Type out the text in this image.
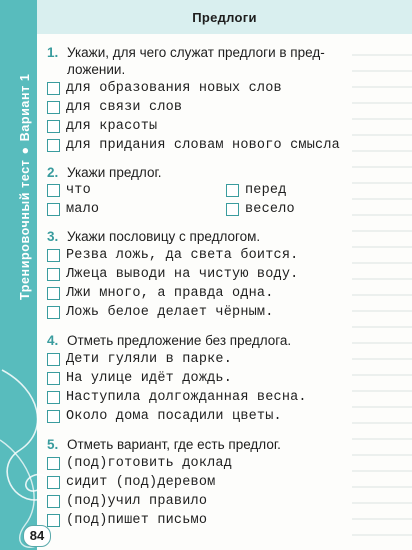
Тренировочный тест●Вариант 1
84
Предлоги
1. Укажи, для чего служат предлоги в пред-
ложении.
для образования новых слов
для связи слов
для красоты
для придания словам нового смысла
2. Укажи предлог.
что
мало
перед
весело
3. Укажи пословицу с предлогом.
Резва ложь, да света боится.
Лжеца выводи на чистую воду.
Лжи много, а правда одна.
Ложь белое делает чёрным.
4. Отметь предложение без предлога.
Дети гуляли в парке.
На улице идёт дождь.
Наступила долгожданная весна.
Около дома посадили цветы.
5. Отметь вариант, где есть предлог.
(под)готовить доклад
сидит (под)деревом
(под)учил правило
(под)пишет письмо
